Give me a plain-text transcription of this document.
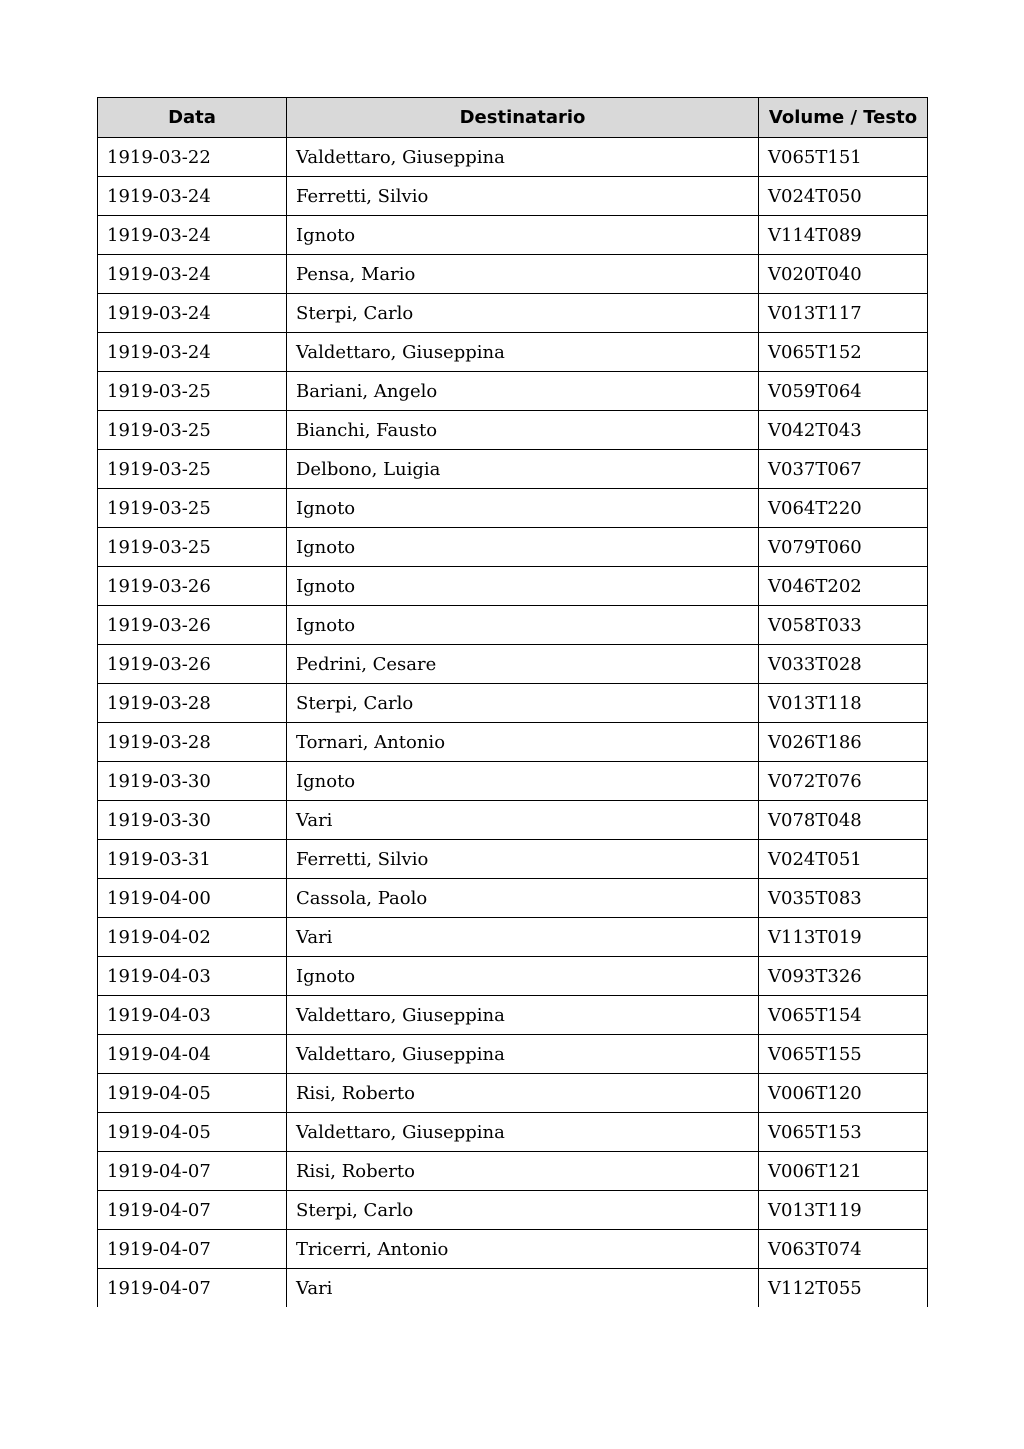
Data	Destinatario	Volume / Testo
1919-03-22	Valdettaro, Giuseppina	V065T151
1919-03-24	Ferretti, Silvio	V024T050
1919-03-24	Ignoto	V114T089
1919-03-24	Pensa, Mario	V020T040
1919-03-24	Sterpi, Carlo	V013T117
1919-03-24	Valdettaro, Giuseppina	V065T152
1919-03-25	Bariani, Angelo	V059T064
1919-03-25	Bianchi, Fausto	V042T043
1919-03-25	Delbono, Luigia	V037T067
1919-03-25	Ignoto	V064T220
1919-03-25	Ignoto	V079T060
1919-03-26	Ignoto	V046T202
1919-03-26	Ignoto	V058T033
1919-03-26	Pedrini, Cesare	V033T028
1919-03-28	Sterpi, Carlo	V013T118
1919-03-28	Tornari, Antonio	V026T186
1919-03-30	Ignoto	V072T076
1919-03-30	Vari	V078T048
1919-03-31	Ferretti, Silvio	V024T051
1919-04-00	Cassola, Paolo	V035T083
1919-04-02	Vari	V113T019
1919-04-03	Ignoto	V093T326
1919-04-03	Valdettaro, Giuseppina	V065T154
1919-04-04	Valdettaro, Giuseppina	V065T155
1919-04-05	Risi, Roberto	V006T120
1919-04-05	Valdettaro, Giuseppina	V065T153
1919-04-07	Risi, Roberto	V006T121
1919-04-07	Sterpi, Carlo	V013T119
1919-04-07	Tricerri, Antonio	V063T074
1919-04-07	Vari	V112T055
